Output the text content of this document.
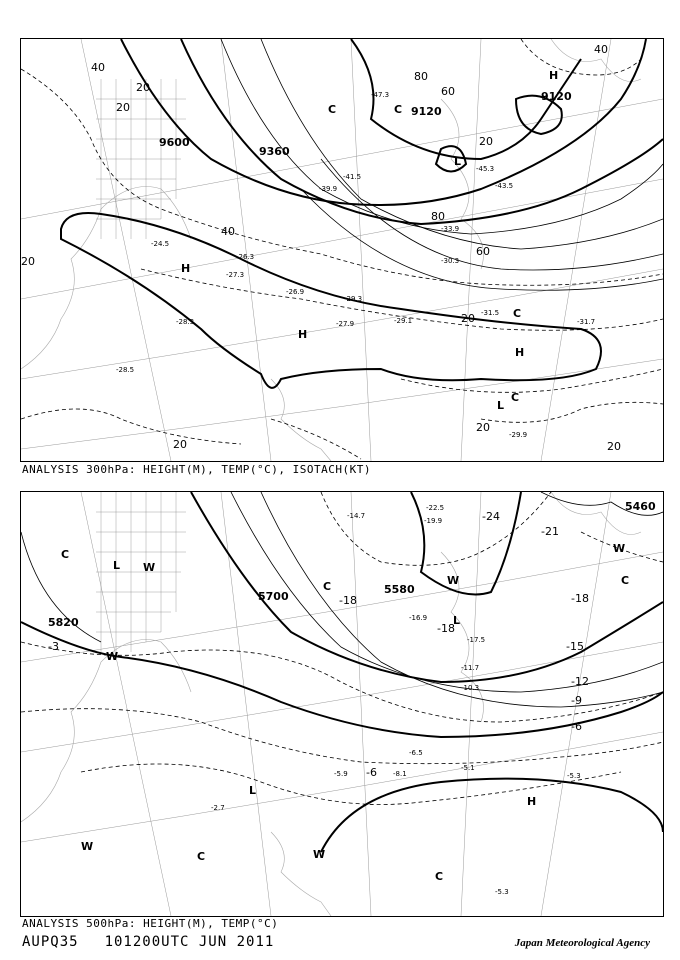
9600
9360
9120
9120
40
20
20
40
60
80
20
40
80
60
20
20
20
20
20
H
H
H
L
H
L
C	C
C
C
-24.5
-26.3
-27.3
-28.3
-26.9
-27.9
-29.3
-29.1
-31.5
-31.7
-41.5
-39.9
-33.9
-30.3
-45.3
-43.5
-47.3
-28.5
-29.9
ANALYSIS 300hPa: HEIGHT(M), TEMP(°C), ISOTACH(KT)
5700
5820
5460
5580
-3
-18
-18
-18
-15
-12
-9
-6
-24
-21
-6
L
L
L
H
W
W
W
W
W
W
C
C	C
C
C
-5.1
-2.7
-5.9	-8.1	-5.3
-6.5
-10.3
-17.5
-11.7
-22.5
-19.9
-14.7
-16.9
-5.3
ANALYSIS 500hPa: HEIGHT(M), TEMP(°C)
AUPQ35 101200UTC JUN 2011	Japan Meteorological Agency
